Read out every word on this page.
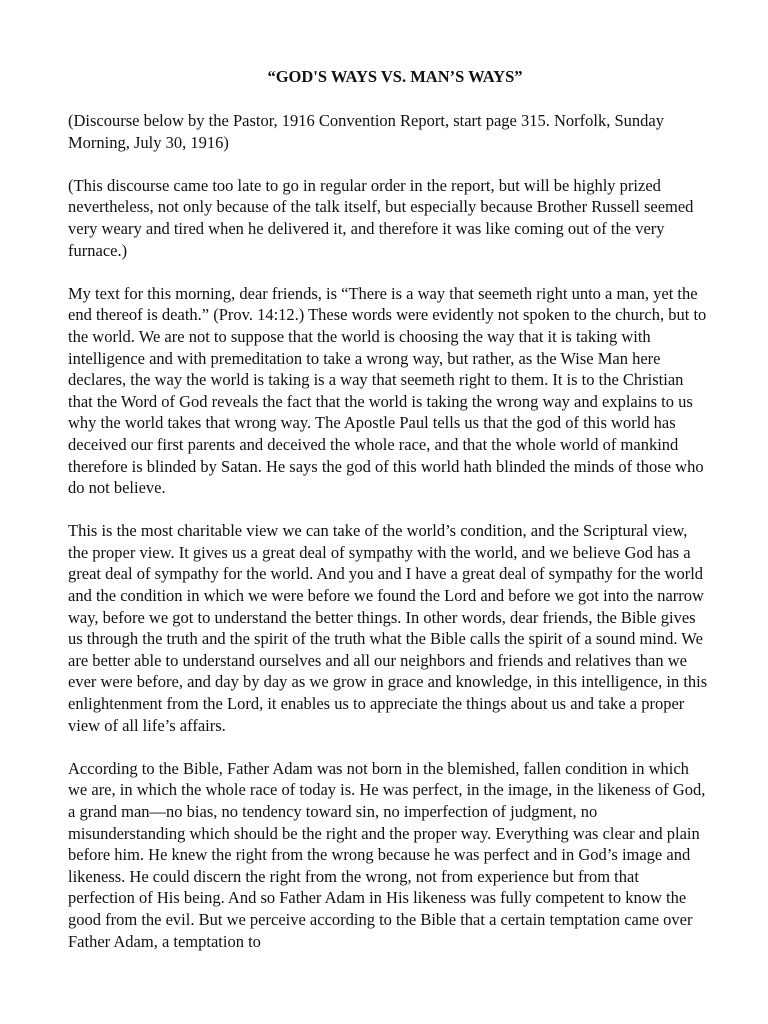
“GOD'S WAYS VS. MAN’S WAYS”

(Discourse below by the Pastor, 1916 Convention Report, start page 315. Norfolk, Sunday Morning, July 30, 1916)

(This discourse came too late to go in regular order in the report, but will be highly prized nevertheless, not only because of the talk itself, but especially because Brother Russell seemed very weary and tired when he delivered it, and therefore it was like coming out of the very furnace.)

My text for this morning, dear friends, is “There is a way that seemeth right unto a man, yet the end thereof is death.” (Prov. 14:12.) These words were evidently not spoken to the church, but to the world. We are not to suppose that the world is choosing the way that it is taking with intelligence and with premeditation to take a wrong way, but rather, as the Wise Man here declares, the way the world is taking is a way that seemeth right to them. It is to the Christian that the Word of God reveals the fact that the world is taking the wrong way and explains to us why the world takes that wrong way. The Apostle Paul tells us that the god of this world has deceived our first parents and deceived the whole race, and that the whole world of mankind therefore is blinded by Satan. He says the god of this world hath blinded the minds of those who do not believe.

This is the most charitable view we can take of the world’s condition, and the Scriptural view, the proper view. It gives us a great deal of sympathy with the world, and we believe God has a great deal of sympathy for the world. And you and I have a great deal of sympathy for the world and the condition in which we were before we found the Lord and before we got into the narrow way, before we got to understand the better things. In other words, dear friends, the Bible gives us through the truth and the spirit of the truth what the Bible calls the spirit of a sound mind. We are better able to understand ourselves and all our neighbors and friends and relatives than we ever were before, and day by day as we grow in grace and knowledge, in this intelligence, in this enlightenment from the Lord, it enables us to appreciate the things about us and take a proper view of all life’s affairs.

According to the Bible, Father Adam was not born in the blemished, fallen condition in which we are, in which the whole race of today is. He was perfect, in the image, in the likeness of God, a grand man—no bias, no tendency toward sin, no imperfection of judgment, no misunderstanding which should be the right and the proper way. Everything was clear and plain before him. He knew the right from the wrong because he was perfect and in God’s image and likeness. He could discern the right from the wrong, not from experience but from that perfection of His being. And so Father Adam in His likeness was fully competent to know the good from the evil. But we perceive according to the Bible that a certain temptation came over Father Adam, a temptation to
